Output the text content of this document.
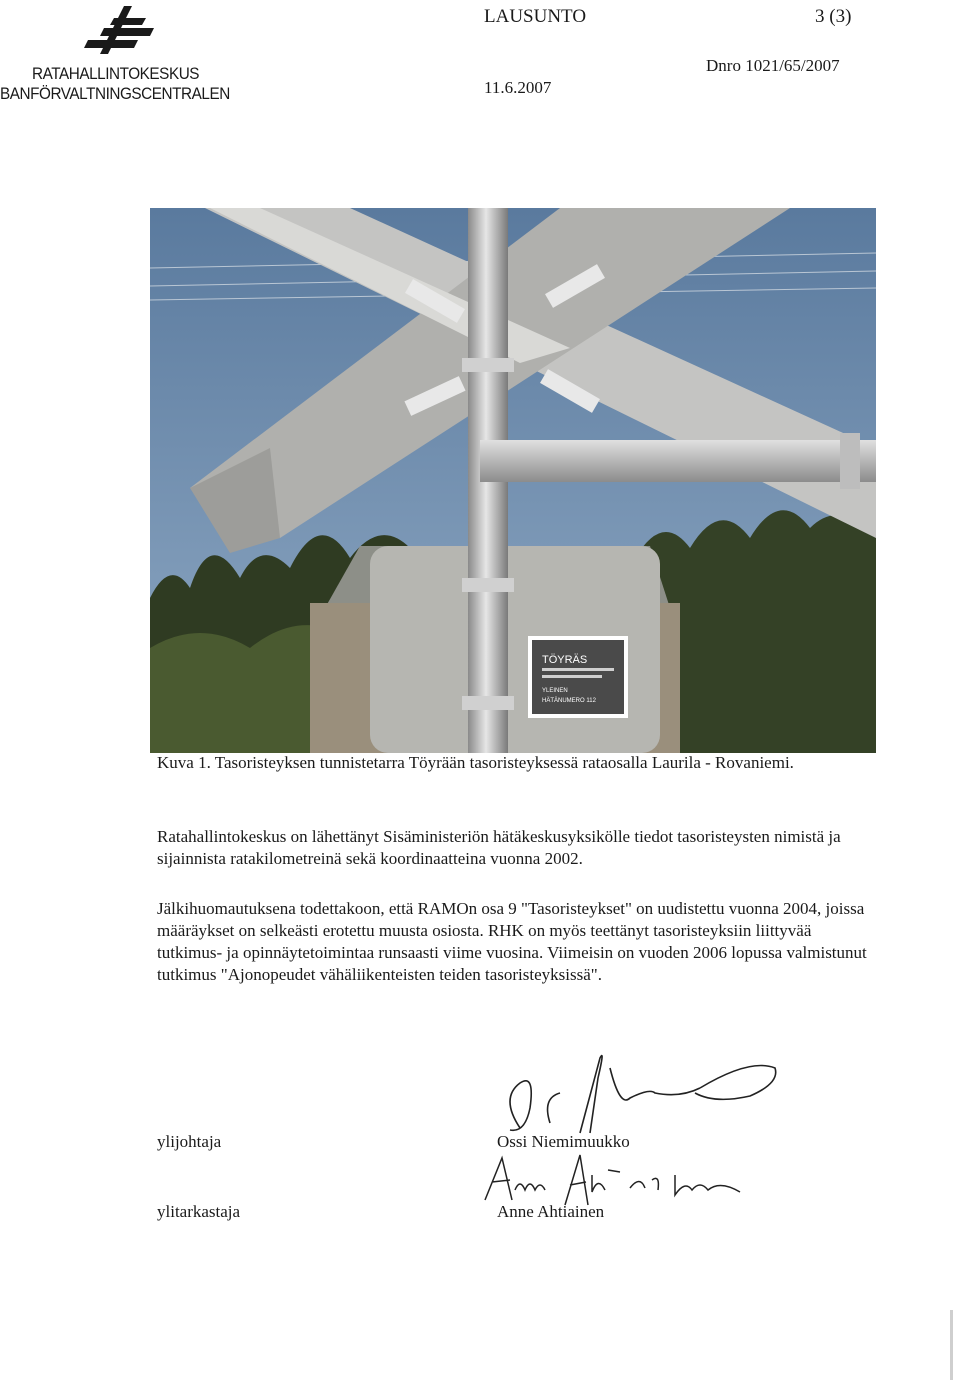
RATAHALLINTOKESKUS
BANFÖRVALTNINGSCENTRALEN
LAUSUNTO	3 (3)
Dnro 1021/65/2007
11.6.2007
TÖYRÄS
YLEINEN
HÄTÄNUMERO 112
Kuva 1. Tasoristeyksen tunnistetarra Töyrään tasoristeyksessä rataosalla Laurila - Rovaniemi.

Ratahallintokeskus on lähettänyt Sisäministeriön hätäkeskusyksikölle tiedot tasoristeysten nimistä ja sijainnista ratakilometreinä sekä koordinaatteina vuonna 2002.

Jälkihuomautuksena todettakoon, että RAMOn osa 9 "Tasoristeykset" on uudistettu vuonna 2004, joissa määräykset on selkeästi erotettu muusta osiosta. RHK on myös teettänyt tasoristeyksiin liittyvää tutkimus- ja opinnäytetoimintaa runsaasti viime vuosina. Viimeisin on vuoden 2006 lopussa valmistunut tutkimus "Ajonopeudet vähäliikenteisten teiden tasoristeyksissä".

ylijohtaja	Ossi Niemimuukko
ylitarkastaja	Anne Ahtiainen
